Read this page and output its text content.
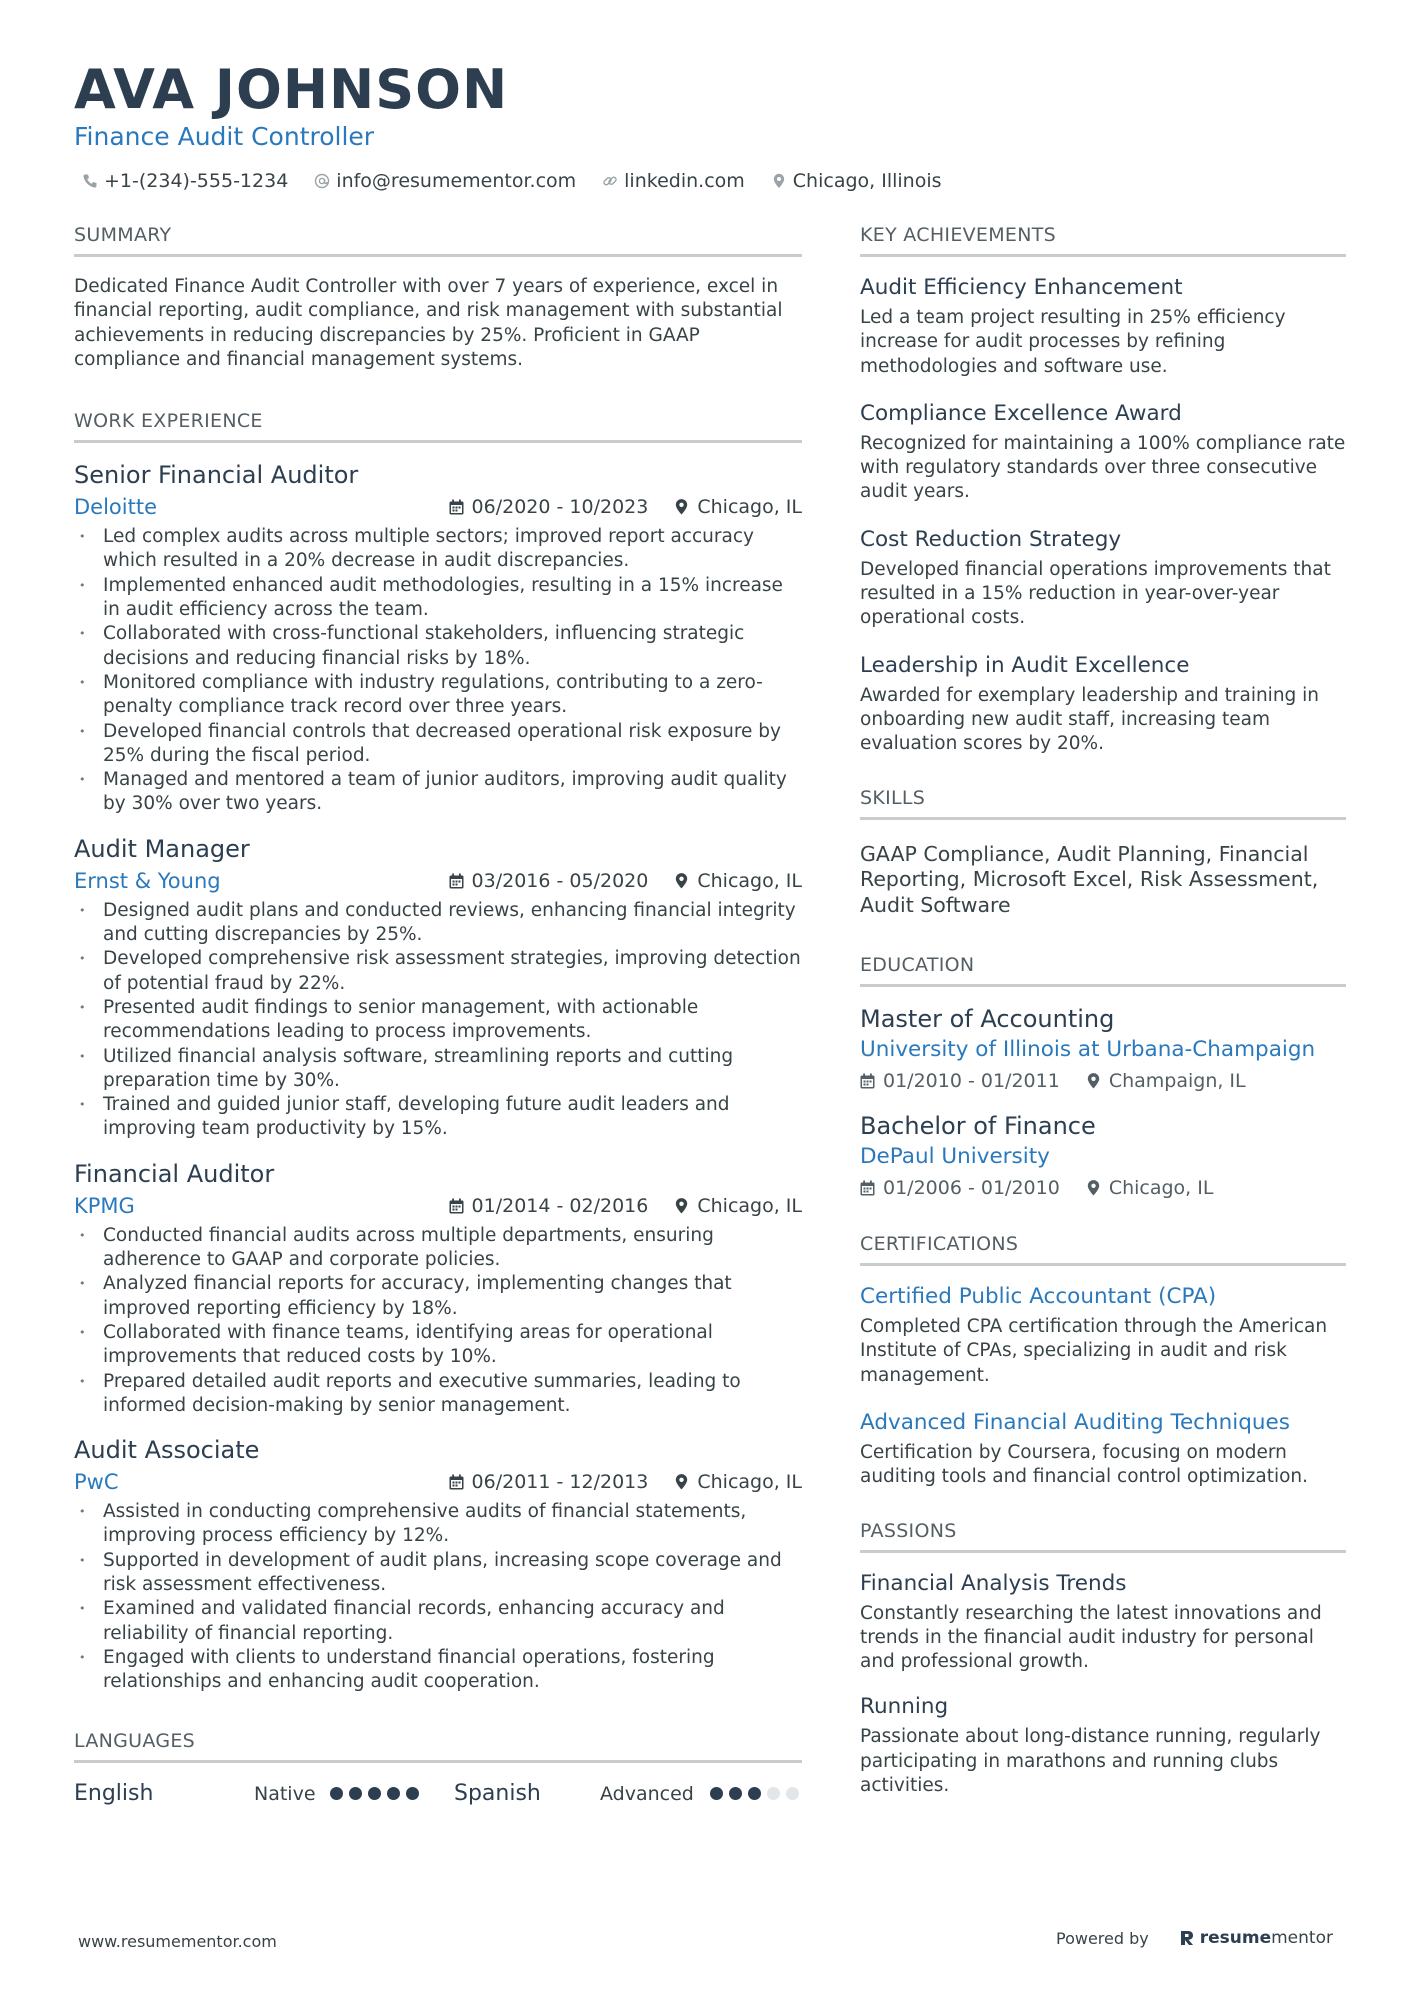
AVA JOHNSON
Finance Audit Controller
+1-(234)-555-1234	info@resumementor.com	linkedin.com	Chicago, Illinois
SUMMARY

Dedicated Finance Audit Controller with over 7 years of experience, excel in financial reporting, audit compliance, and risk management with substantial achievements in reducing discrepancies by 25%. Proficient in GAAP compliance and financial management systems.

WORK EXPERIENCE
Senior Financial Auditor
Deloitte	06/2020 - 10/2023	Chicago, IL
• Led complex audits across multiple sectors; improved report accuracy which resulted in a 20% decrease in audit discrepancies.
• Implemented enhanced audit methodologies, resulting in a 15% increase in audit efficiency across the team.
• Collaborated with cross-functional stakeholders, influencing strategic decisions and reducing financial risks by 18%.
• Monitored compliance with industry regulations, contributing to a zero-penalty compliance track record over three years.
• Developed financial controls that decreased operational risk exposure by 25% during the fiscal period.
• Managed and mentored a team of junior auditors, improving audit quality by 30% over two years.
Audit Manager
Ernst & Young	03/2016 - 05/2020	Chicago, IL
• Designed audit plans and conducted reviews, enhancing financial integrity and cutting discrepancies by 25%.
• Developed comprehensive risk assessment strategies, improving detection of potential fraud by 22%.
• Presented audit findings to senior management, with actionable recommendations leading to process improvements.
• Utilized financial analysis software, streamlining reports and cutting preparation time by 30%.
• Trained and guided junior staff, developing future audit leaders and improving team productivity by 15%.
Financial Auditor
KPMG	01/2014 - 02/2016	Chicago, IL
• Conducted financial audits across multiple departments, ensuring adherence to GAAP and corporate policies.
• Analyzed financial reports for accuracy, implementing changes that improved reporting efficiency by 18%.
• Collaborated with finance teams, identifying areas for operational improvements that reduced costs by 10%.
• Prepared detailed audit reports and executive summaries, leading to informed decision-making by senior management.
Audit Associate
PwC	06/2011 - 12/2013	Chicago, IL
• Assisted in conducting comprehensive audits of financial statements, improving process efficiency by 12%.
• Supported in development of audit plans, increasing scope coverage and risk assessment effectiveness.
• Examined and validated financial records, enhancing accuracy and reliability of financial reporting.
• Engaged with clients to understand financial operations, fostering relationships and enhancing audit cooperation.
LANGUAGES
English	Native	Spanish	Advanced
KEY ACHIEVEMENTS
Audit Efficiency Enhancement

Led a team project resulting in 25% efficiency increase for audit processes by refining methodologies and software use.

Compliance Excellence Award

Recognized for maintaining a 100% compliance rate with regulatory standards over three consecutive audit years.

Cost Reduction Strategy

Developed financial operations improvements that resulted in a 15% reduction in year-over-year operational costs.

Leadership in Audit Excellence

Awarded for exemplary leadership and training in onboarding new audit staff, increasing team evaluation scores by 20%.

SKILLS

GAAP Compliance, Audit Planning, Financial Reporting, Microsoft Excel, Risk Assessment, Audit Software

EDUCATION
Master of Accounting
University of Illinois at Urbana-Champaign
01/2010 - 01/2011	Champaign, IL
Bachelor of Finance
DePaul University
01/2006 - 01/2010	Chicago, IL
CERTIFICATIONS
Certified Public Accountant (CPA)

Completed CPA certification through the American Institute of CPAs, specializing in audit and risk management.

Advanced Financial Auditing Techniques

Certification by Coursera, focusing on modern auditing tools and financial control optimization.

PASSIONS
Financial Analysis Trends

Constantly researching the latest innovations and trends in the financial audit industry for personal and professional growth.

Running

Passionate about long-distance running, regularly participating in marathons and running clubs activities.

www.resumementor.com	Powered by	resumementor
